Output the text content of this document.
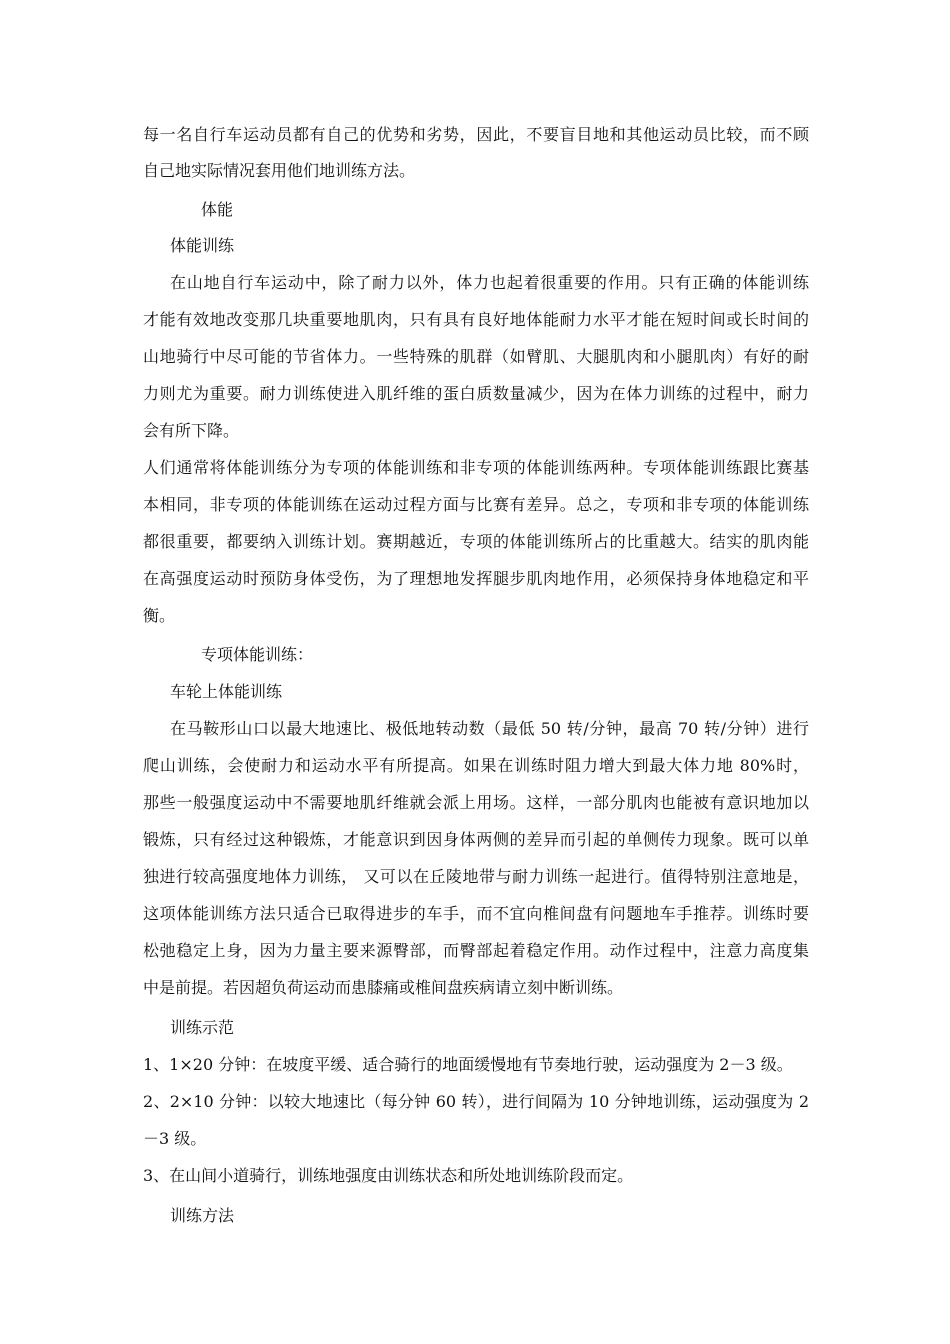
每一名自行车运动员都有自己的优势和劣势，因此，不要盲目地和其他运动员比较，而不顾
自己地实际情况套用他们地训练方法。
体能
体能训练
在山地自行车运动中，除了耐力以外，体力也起着很重要的作用。只有正确的体能训练
才能有效地改变那几块重要地肌肉，只有具有良好地体能耐力水平才能在短时间或长时间的
山地骑行中尽可能的节省体力。一些特殊的肌群（如臂肌、大腿肌肉和小腿肌肉）有好的耐
力则尤为重要。耐力训练使进入肌纤维的蛋白质数量减少，因为在体力训练的过程中，耐力
会有所下降。
人们通常将体能训练分为专项的体能训练和非专项的体能训练两种。专项体能训练跟比赛基
本相同，非专项的体能训练在运动过程方面与比赛有差异。总之，专项和非专项的体能训练
都很重要，都要纳入训练计划。赛期越近，专项的体能训练所占的比重越大。结实的肌肉能
在高强度运动时预防身体受伤，为了理想地发挥腿步肌肉地作用，必须保持身体地稳定和平
衡。
专项体能训练：
车轮上体能训练
在马鞍形山口以最大地速比、极低地转动数（最低 50 转/分钟，最高 70 转/分钟）进行
爬山训练，会使耐力和运动水平有所提高。如果在训练时阻力增大到最大体力地 80%时，
那些一般强度运动中不需要地肌纤维就会派上用场。这样，一部分肌肉也能被有意识地加以
锻炼，只有经过这种锻炼，才能意识到因身体两侧的差异而引起的单侧传力现象。既可以单
独进行较高强度地体力训练， 又可以在丘陵地带与耐力训练一起进行。值得特别注意地是，
这项体能训练方法只适合已取得进步的车手，而不宜向椎间盘有问题地车手推荐。训练时要
松弛稳定上身，因为力量主要来源臀部，而臀部起着稳定作用。动作过程中，注意力高度集
中是前提。若因超负荷运动而患膝痛或椎间盘疾病请立刻中断训练。
训练示范
1、1×20 分钟：在坡度平缓、适合骑行的地面缓慢地有节奏地行驶，运动强度为 2－3 级。
2、2×10 分钟：以较大地速比（每分钟 60 转），进行间隔为 10 分钟地训练，运动强度为 2
－3 级。
3、在山间小道骑行，训练地强度由训练状态和所处地训练阶段而定。
训练方法
